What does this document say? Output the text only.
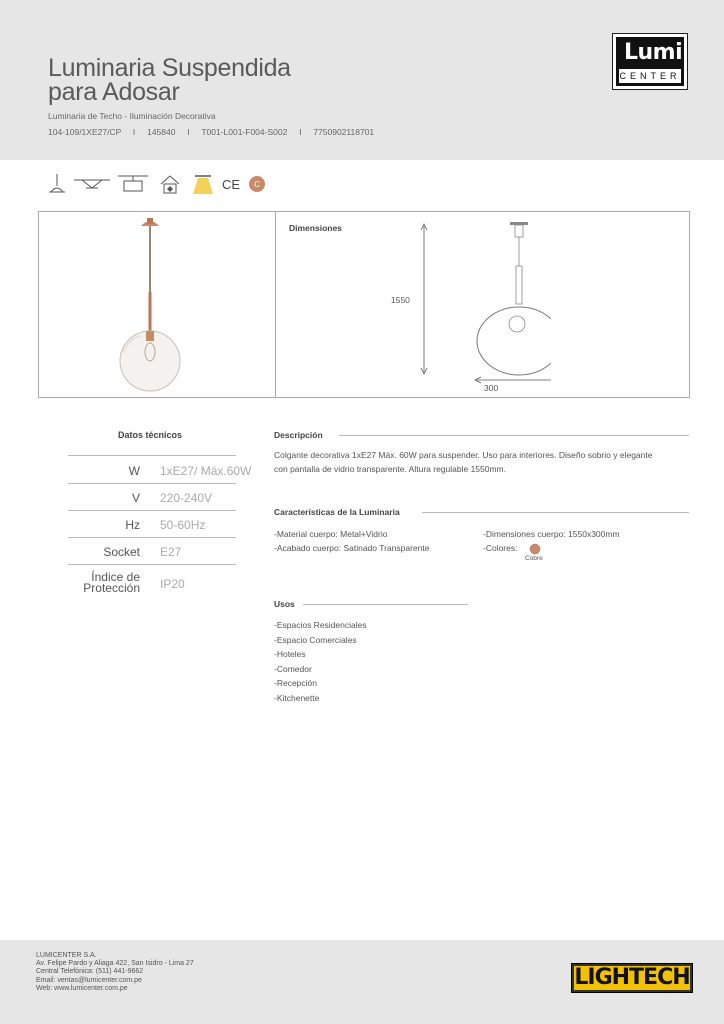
Luminaria Suspendida
para Adosar
Luminaria de Techo - Iluminación Decorativa
104-109/1XE27/CP I 145840 I T001-L001-F004-S002 I 7750902118701
Lumi
CENTER
CE C
Dimensiones
1550
300
Datos técnicos
W 1xE27/ Máx.60W
V 220-240V
Hz 50-60Hz
Socket E27
Índice de
Protección IP20
Descripción
Colgante decorativa 1xE27 Máx. 60W para suspender. Uso para interiores. Diseño sobrio y elegante
con pantalla de vidrio transparente. Altura regulable 1550mm.
Características de la Luminaria
-Material cuerpo: Metal+Vidrio
-Acabado cuerpo: Satinado Transparente
-Dimensiones cuerpo: 1550x300mm
-Colores:
Cobre
Usos
-Espacios Residenciales
-Espacio Comerciales
-Hoteles
-Comedor
-Recepción
-Kitchenette
LUMICENTER S.A.
Av. Felipe Pardo y Aliaga 422, San Isidro - Lima 27
Central Telefónica: (511) 441-9662
Email: ventas@lumicenter.com.pe
Web: www.lumicenter.com.pe	LIGHTECH
